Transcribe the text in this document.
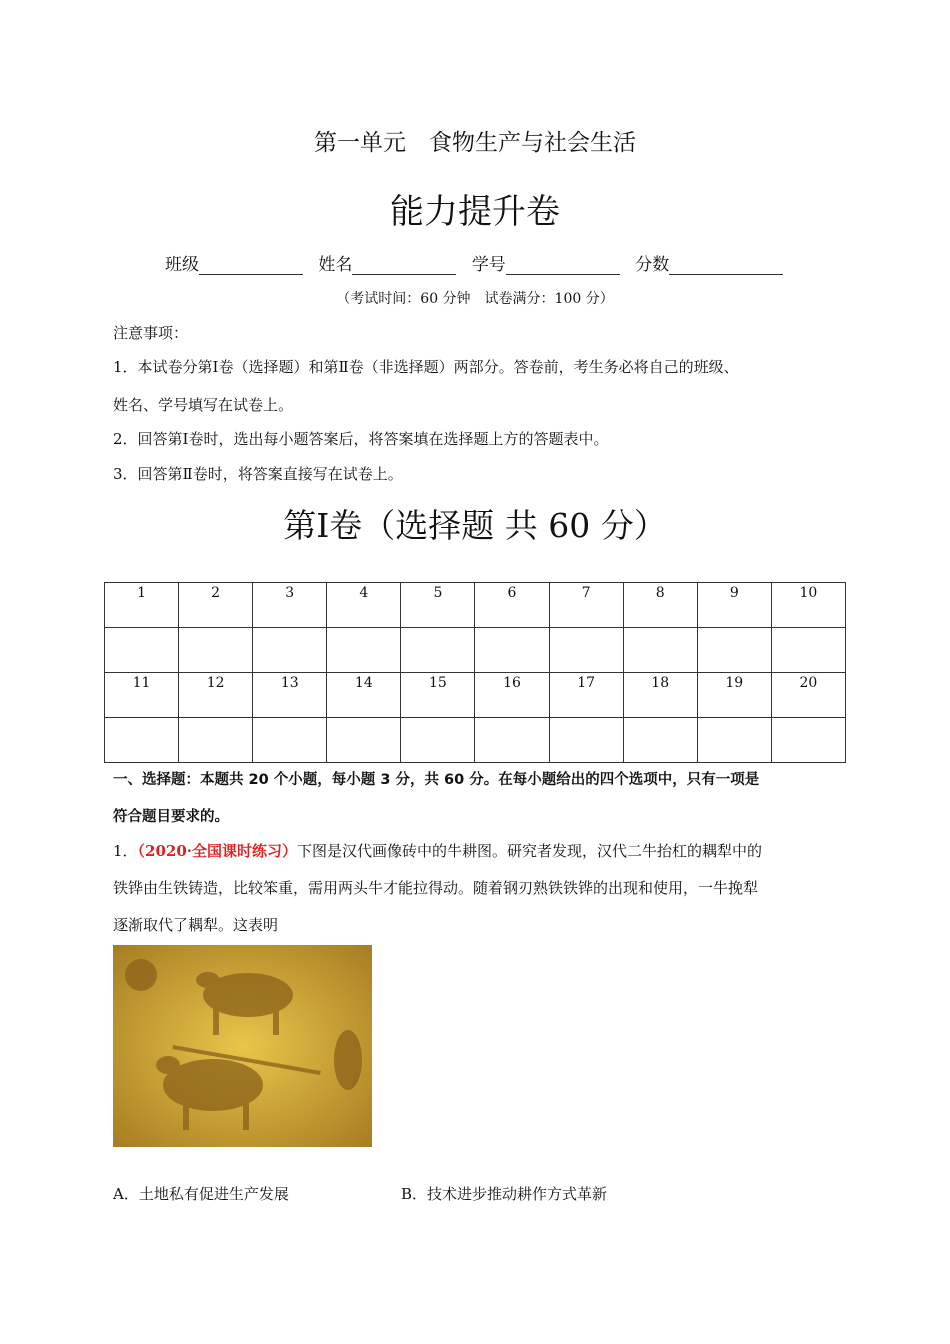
第一单元　食物生产与社会生活
能力提升卷
班级	姓名	学号	分数
（考试时间：60 分钟　试卷满分：100 分）
注意事项：
1．本试卷分第Ⅰ卷（选择题）和第Ⅱ卷（非选择题）两部分。答卷前，考生务必将自己的班级、
姓名、学号填写在试卷上。
2．回答第Ⅰ卷时，选出每小题答案后，将答案填在选择题上方的答题表中。
3．回答第Ⅱ卷时，将答案直接写在试卷上。
第Ⅰ卷（选择题 共 60 分）
1	2	3	4	5	6	7	8	9	10

11	12	13	14	15	16	17	18	19	20

一、选择题：本题共 20 个小题，每小题 3 分，共 60 分。在每小题给出的四个选项中，只有一项是
符合题目要求的。
1．（2020·全国课时练习）下图是汉代画像砖中的牛耕图。研究者发现，汉代二牛抬杠的耦犁中的
铁铧由生铁铸造，比较笨重，需用两头牛才能拉得动。随着钢刃熟铁铁铧的出现和使用，一牛挽犁
逐渐取代了耦犁。这表明
A．土地私有促进生产发展	B．技术进步推动耕作方式革新
